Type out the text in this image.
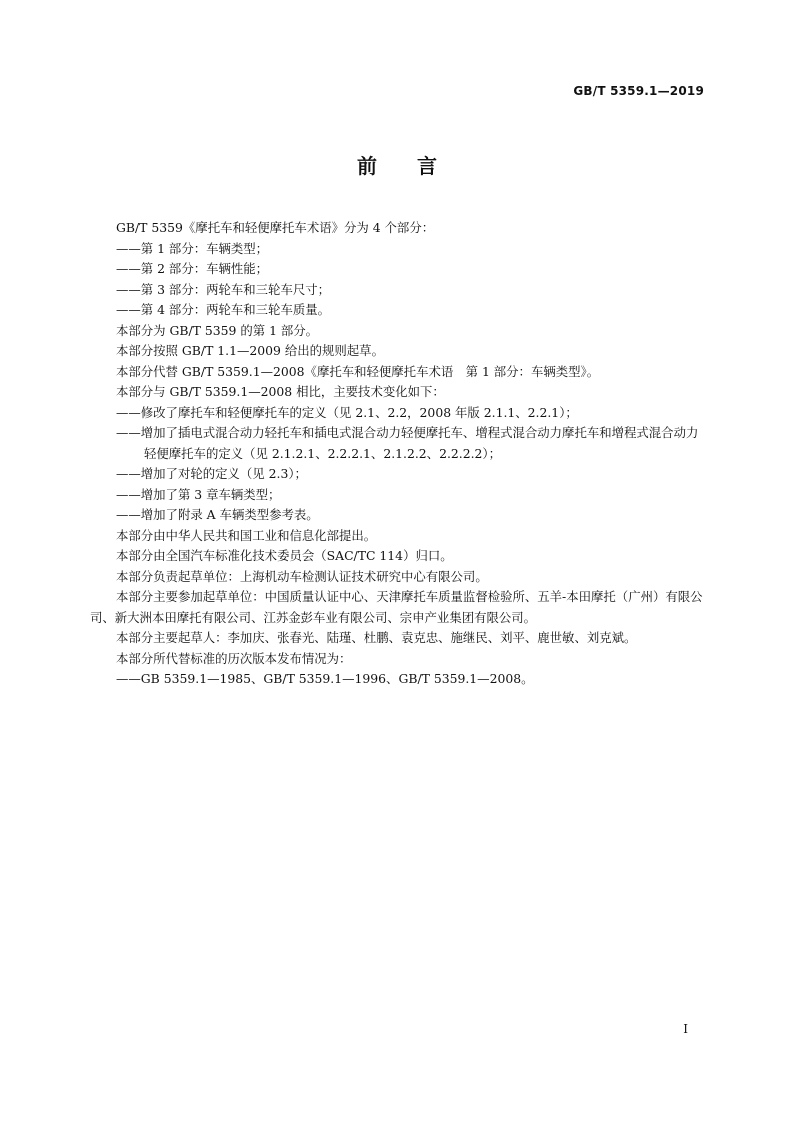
GB/T 5359.1—2019
前 言

GB/T 5359《摩托车和轻便摩托车术语》分为 4 个部分：

——第 1 部分：车辆类型；

——第 2 部分：车辆性能；

——第 3 部分：两轮车和三轮车尺寸；

——第 4 部分：两轮车和三轮车质量。

本部分为 GB/T 5359 的第 1 部分。

本部分按照 GB/T 1.1—2009 给出的规则起草。

本部分代替 GB/T 5359.1—2008《摩托车和轻便摩托车术语　第 1 部分：车辆类型》。

本部分与 GB/T 5359.1—2008 相比，主要技术变化如下：

——修改了摩托车和轻便摩托车的定义（见 2.1、2.2，2008 年版 2.1.1、2.2.1）；

——增加了插电式混合动力轻托车和插电式混合动力轻便摩托车、增程式混合动力摩托车和增程式混合动力轻便摩托车的定义（见 2.1.2.1、2.2.2.1、2.1.2.2、2.2.2.2）；

——增加了对轮的定义（见 2.3）；

——增加了第 3 章车辆类型；

——增加了附录 A 车辆类型参考表。

本部分由中华人民共和国工业和信息化部提出。

本部分由全国汽车标准化技术委员会（SAC/TC 114）归口。

本部分负责起草单位：上海机动车检测认证技术研究中心有限公司。

本部分主要参加起草单位：中国质量认证中心、天津摩托车质量监督检验所、五羊-本田摩托（广州）有限公司、新大洲本田摩托有限公司、江苏金彭车业有限公司、宗申产业集团有限公司。

本部分主要起草人：李加庆、张春光、陆瑾、杜鹏、袁克忠、施继民、刘平、鹿世敏、刘克斌。

本部分所代替标准的历次版本发布情况为：

——GB 5359.1—1985、GB/T 5359.1—1996、GB/T 5359.1—2008。

I
